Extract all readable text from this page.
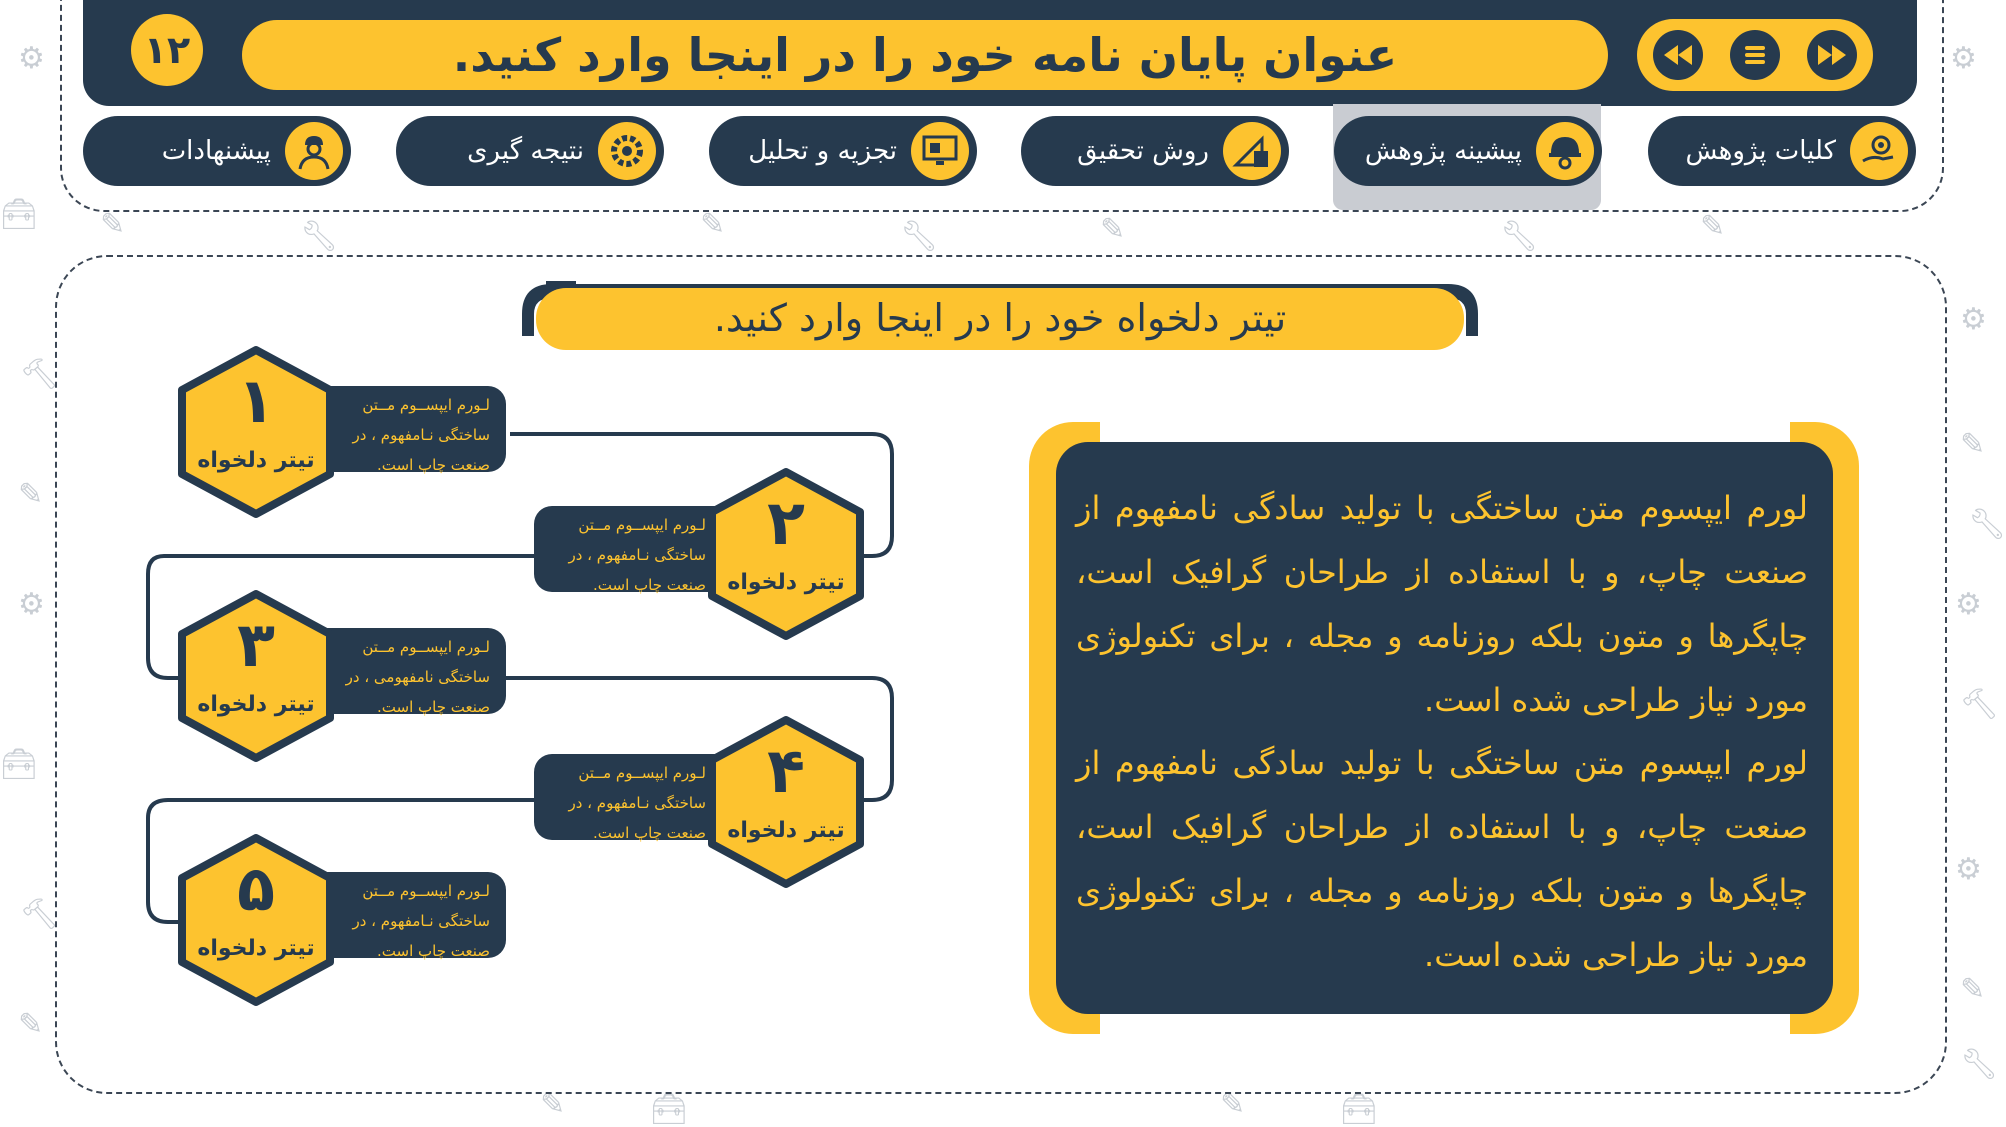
⚙	⚙
⚙	⚙
⚙
⚙
🔧︎
🔧︎	🔧︎	🔧︎
🔧︎
🔨︎
🔨︎
🔨︎
🧰︎
🧰︎
🧰︎	🧰︎
✎
✎
✎
✎
✎	✎	✎	✎
✎	✎
۱۲	عنوان پایان نامه خود را در اینجا وارد کنید.
کلیات پژوهش
پیشینه پژوهش
روش تحقیق
تجزیه و تحلیل
نتیجه گیری
پیشنهادات
تیتر دلخواه خود را در اینجا وارد کنید.
لورم ایپسوم متن ساختگی با تولید سادگی نامفهوم از صنعت چاپ، و با استفاده از طراحان گرافیک است، چاپگرها و متون بلکه روزنامه و مجله ، برای تکنولوژی مورد نیاز طراحی شده است.
لورم ایپسوم متن ساختگی با تولید سادگی نامفهوم از صنعت چاپ، و با استفاده از طراحان گرافیک است، چاپگرها و متون بلکه روزنامه و مجله ، برای تکنولوژی مورد نیاز طراحی شده است.
۱
تیتر دلخواه
لـورم ایپســوم مــتن
ساختگی نـامفهوم ، در
صنعت چاپ است.
۲
تیتر دلخواه
لـورم ایپســوم مــتن
ساختگی نـامفهوم ، در
صنعت چاپ است.
۳
تیتر دلخواه
لـورم ایپســوم مــتن
ساختگی نامفهومی ، در
صنعت چاپ است.
۴
تیتر دلخواه
لـورم ایپســوم مــتن
ساختگی نـامفهوم ، در
صنعت چاپ است.
۵
تیتر دلخواه
لـورم ایپســوم مــتن
ساختگی نـامفهوم ، در
صنعت چاپ است.
